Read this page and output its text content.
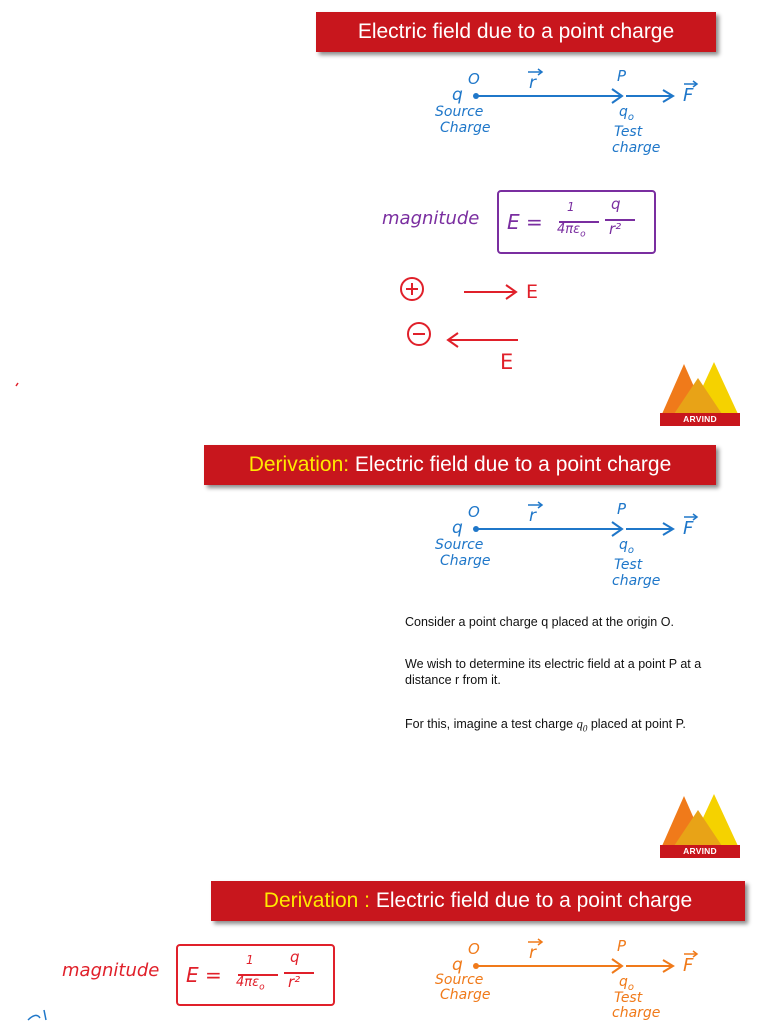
Electric field due to a point charge
q
O	r	P
F
$q_o$
Source
Charge	Test
charge
magnitude E =
1
$4\pi\varepsilon_o$
q
r²
E
E
ARVIND ACADEMY
Derivation: Electric field due to a point charge
q
O	r	P
F
$q_o$
Source
Charge	Test
charge
Consider a point charge q placed at the origin O.
We wish to determine its electric field at a point P at a distance r from it.
For this, imagine a test charge $q_0$ placed at point P.
ARVIND ACADEMY
Derivation : Electric field due to a point charge
magnitude E =
1
$4\pi\varepsilon_o$
q
r²
q
O	r	P
F
$q_o$
Source
Charge	Test
charge
